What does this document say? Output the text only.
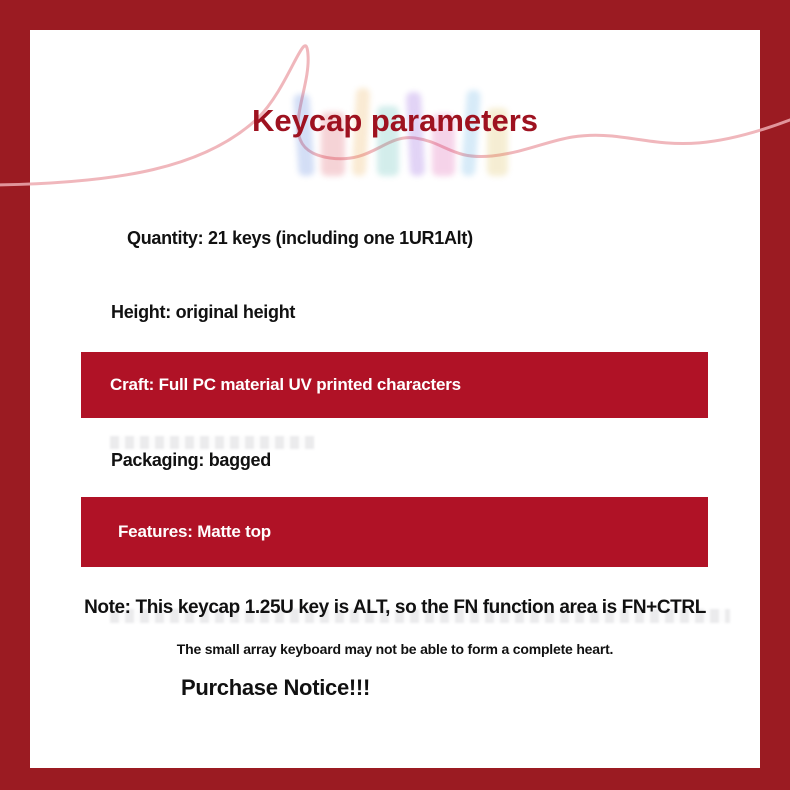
Keycap parameters
Quantity: 21 keys (including one 1UR1Alt)
Height: original height
Craft: Full PC material UV printed characters
Packaging: bagged
Features: Matte top
Note: This keycap 1.25U key is ALT, so the FN function area is FN+CTRL
The small array keyboard may not be able to form a complete heart.
Purchase Notice!!!
